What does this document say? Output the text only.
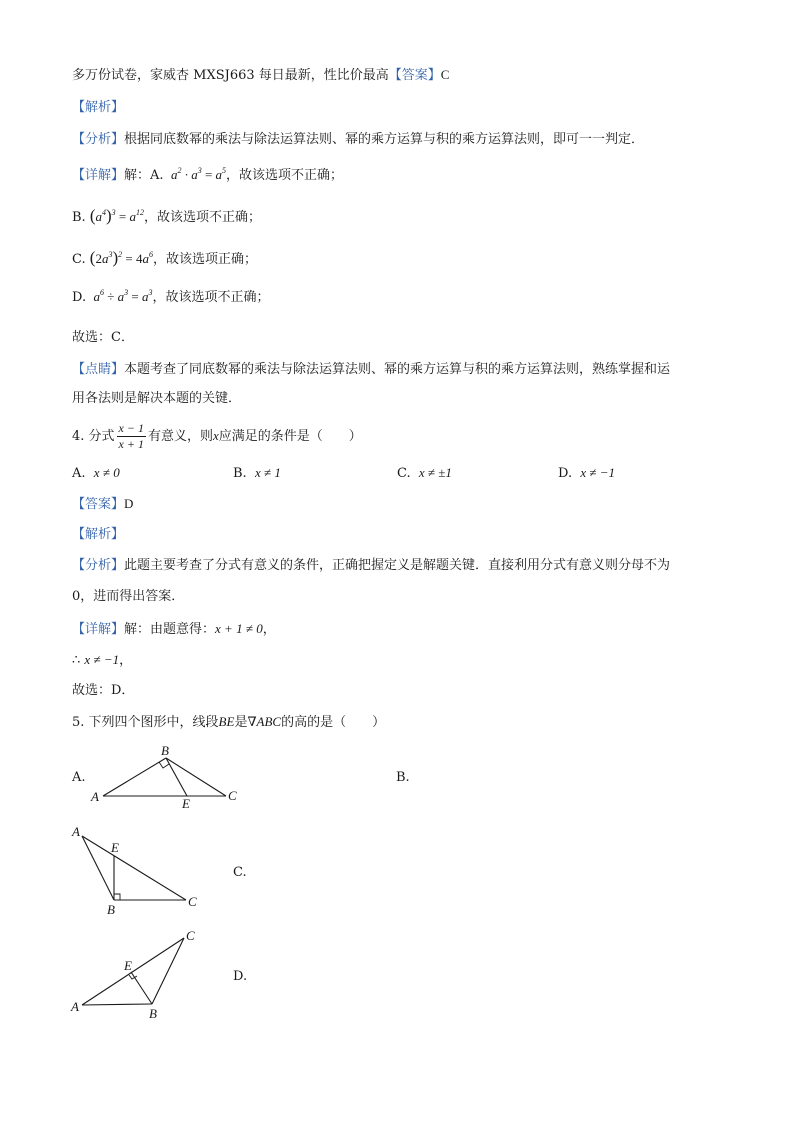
多万份试卷，家威杏 MXSJ663 每日最新，性比价最高【答案】C
【解析】
【分析】根据同底数幂的乘法与除法运算法则、幂的乘方运算与积的乘方运算法则，即可一一判定．
【详解】解：A.  $a^2 \cdot a^3 = a^5$，故该选项不正确；
B. $(a^4)^3 = a^{12}$，故该选项不正确；
C. $(2a^3)^2 = 4a^6$，故该选项正确；
D.  $a^6 \div a^3 = a^3$，故该选项不正确；
故选：C．
【点睛】本题考查了同底数幂的乘法与除法运算法则、幂的乘方运算与积的乘方运算法则，熟练掌握和运
用各法则是解决本题的关键．
4. 分式 $\frac{x - 1}{x + 1}$ 有意义，则x应满足的条件是（　　）
A. x ≠ 0	B. x ≠ 1	C. x ≠ ±1	D. x ≠ −1
【答案】D
【解析】
【分析】此题主要考查了分式有意义的条件，正确把握定义是解题关键．直接利用分式有意义则分母不为
0，进而得出答案．
【详解】解：由题意得：x + 1 ≠ 0，
∴ x ≠ −1，
故选：D．
5. 下列四个图形中，线段BE是∇ABC的高的是（　　）
A.
A
B
C
E
B.
A
E
B
C
C.
A
E
B
C
D.
